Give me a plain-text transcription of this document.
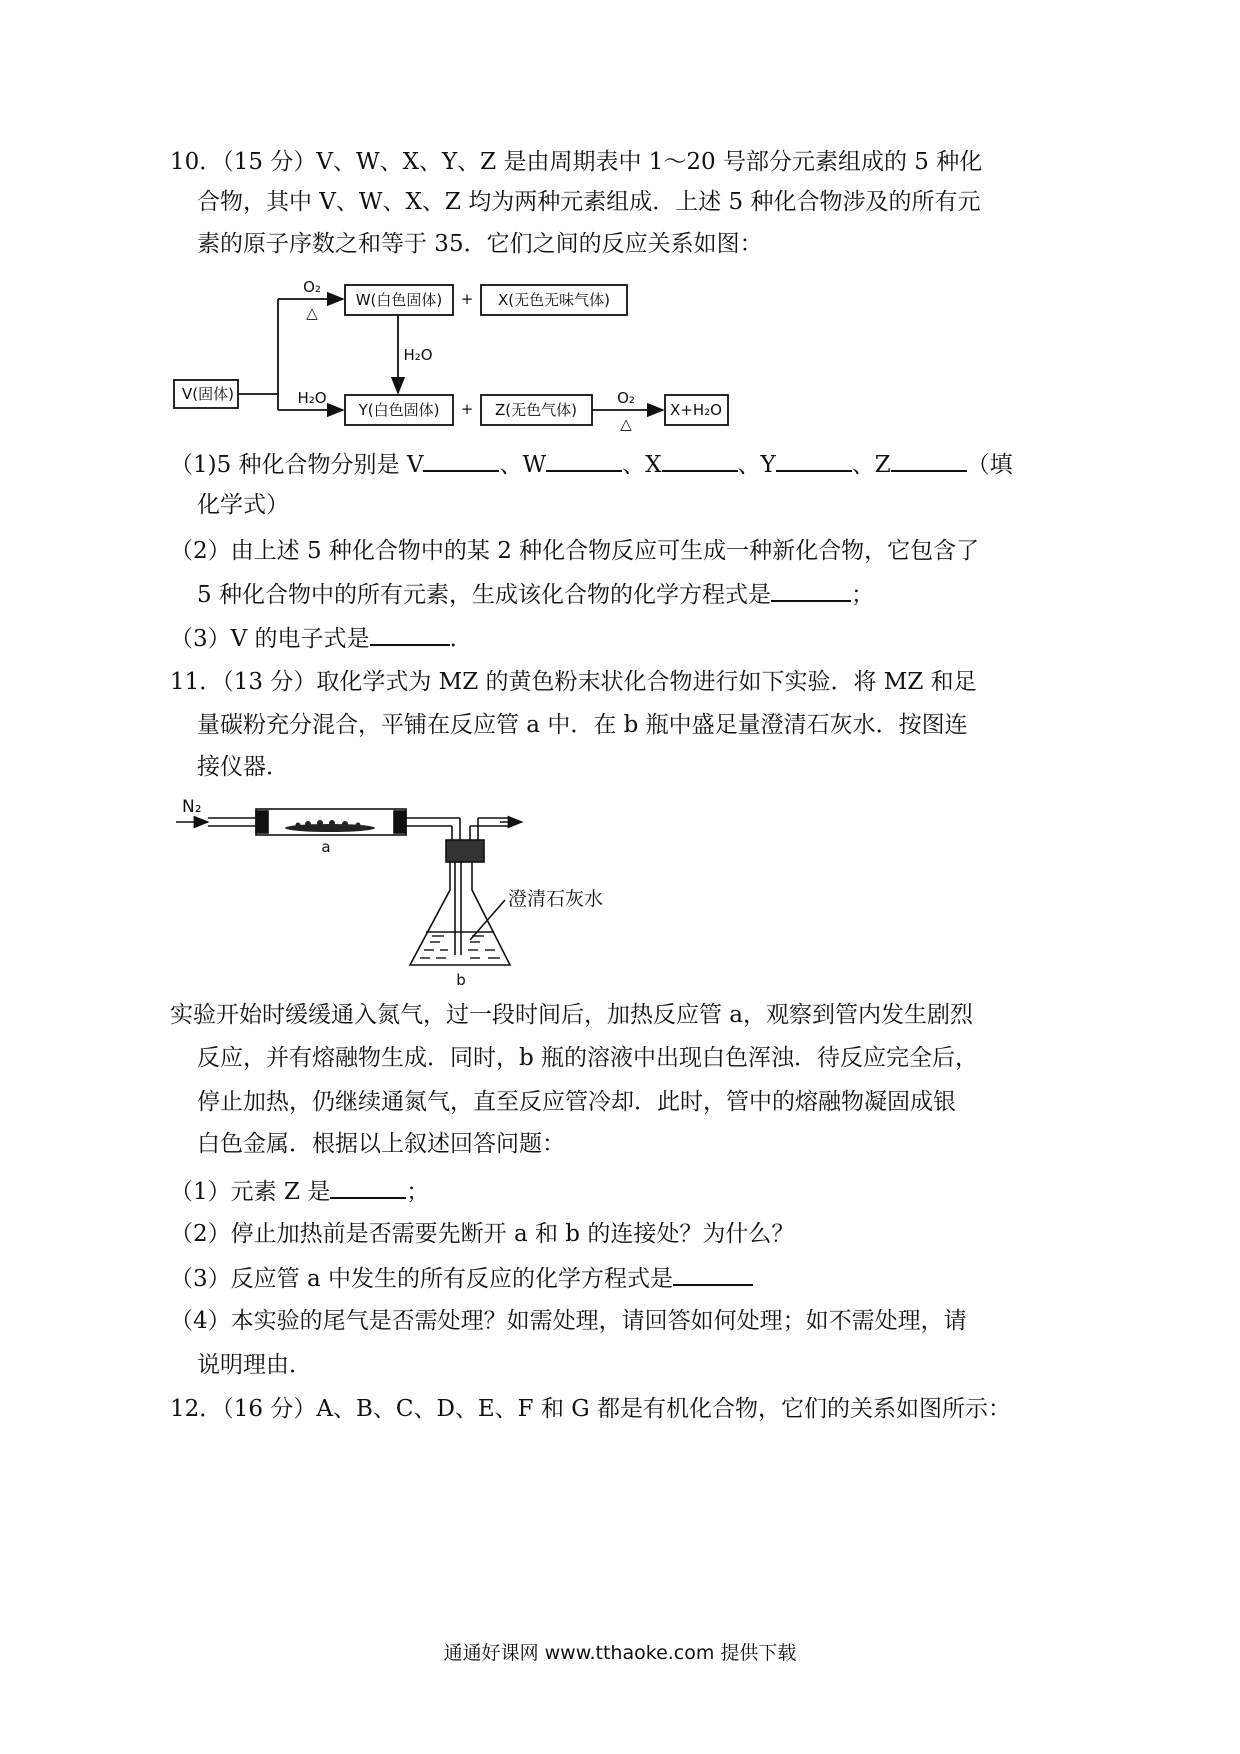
10．（15 分）V、W、X、Y、Z 是由周期表中 1～20 号部分元素组成的 5 种化
合物，其中 V、W、X、Z 均为两种元素组成．上述 5 种化合物涉及的所有元
素的原子序数之和等于 35．它们之间的反应关系如图：
V(固体)
W(白色固体)	X(无色无味气体)
Y(白色固体)	Z(无色气体)	X+H₂O
+
+
O₂
△
H₂O
H₂O	O₂
△
N₂
a
b
澄清石灰水
（1)5 种化合物分别是 V	、W	、X	、Y	、Z	（填
化学式）
（2）由上述 5 种化合物中的某 2 种化合物反应可生成一种新化合物，它包含了
5 种化合物中的所有元素，生成该化合物的化学方程式是	；
（3）V 的电子式是	．
11．（13 分）取化学式为 MZ 的黄色粉末状化合物进行如下实验．将 MZ 和足
量碳粉充分混合，平铺在反应管 a 中．在 b 瓶中盛足量澄清石灰水．按图连
接仪器．
实验开始时缓缓通入氮气，过一段时间后，加热反应管 a，观察到管内发生剧烈
反应，并有熔融物生成．同时，b 瓶的溶液中出现白色浑浊．待反应完全后，
停止加热，仍继续通氮气，直至反应管冷却．此时，管中的熔融物凝固成银
白色金属．根据以上叙述回答问题：
（1）元素 Z 是	；
（2）停止加热前是否需要先断开 a 和 b 的连接处？为什么？
（3）反应管 a 中发生的所有反应的化学方程式是
（4）本实验的尾气是否需处理？如需处理，请回答如何处理；如不需处理，请
说明理由．
12．（16 分）A、B、C、D、E、F 和 G 都是有机化合物，它们的关系如图所示：
通通好课网 www.tthaoke.com 提供下载
